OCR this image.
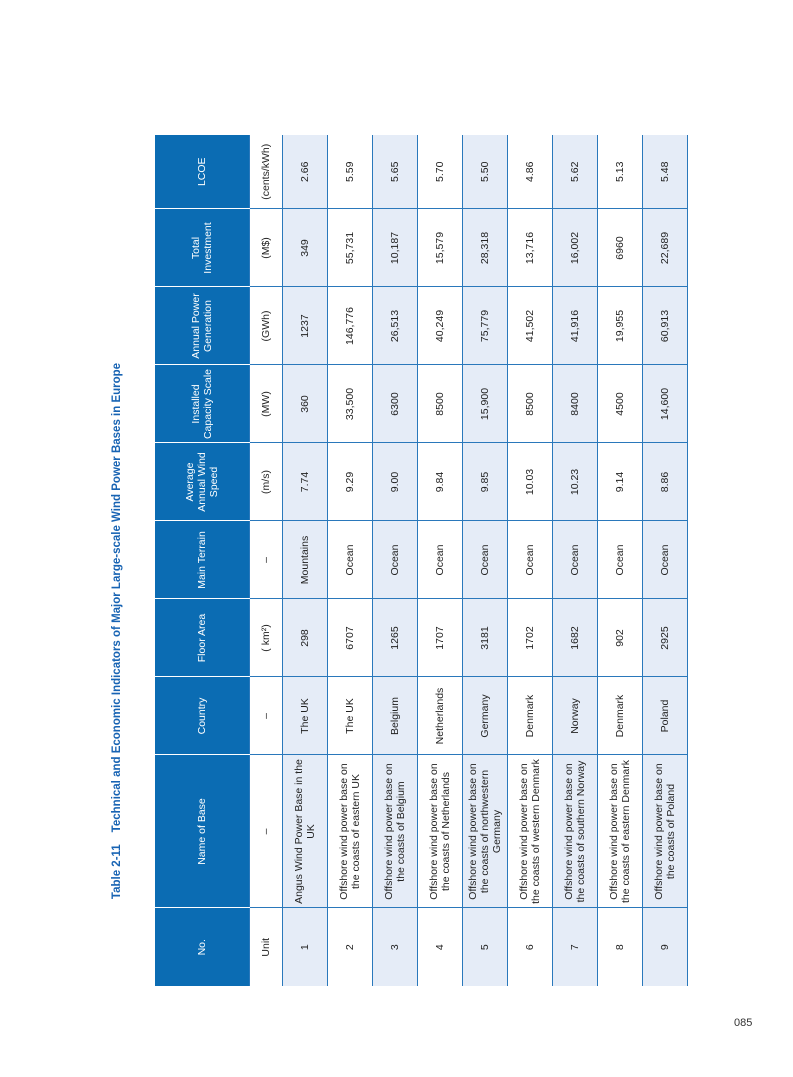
Table 2-11Technical and Economic Indicators of Major Large-scale Wind Power Bases in Europe
No.	Name of Base	Country	Floor Area	Main Terrain	Average Annual Wind Speed	Installed Capacity Scale	Annual Power Generation	Total Investment	LCOE
Unit	–	–	( km²)	–	(m/s)	(MW)	(GWh)	(M$)	(cents/kWh)
1	Angus Wind Power Base in the UK	The UK	298	Mountains	7.74	360	1237	349	2.66
2	Offshore wind power base on the coasts of eastern UK	The UK	6707	Ocean	9.29	33,500	146,776	55,731	5.59
3	Offshore wind power base on the coasts of Belgium	Belgium	1265	Ocean	9.00	6300	26,513	10,187	5.65
4	Offshore wind power base on the coasts of Netherlands	Netherlands	1707	Ocean	9.84	8500	40,249	15,579	5.70
5	Offshore wind power base on the coasts of northwestern Germany	Germany	3181	Ocean	9.85	15,900	75,779	28,318	5.50
6	Offshore wind power base on the coasts of western Denmark	Denmark	1702	Ocean	10.03	8500	41,502	13,716	4.86
7	Offshore wind power base on the coasts of southern Norway	Norway	1682	Ocean	10.23	8400	41,916	16,002	5.62
8	Offshore wind power base on the coasts of eastern Denmark	Denmark	902	Ocean	9.14	4500	19,955	6960	5.13
9	Offshore wind power base on the coasts of Poland	Poland	2925	Ocean	8.86	14,600	60,913	22,689	5.48
085
